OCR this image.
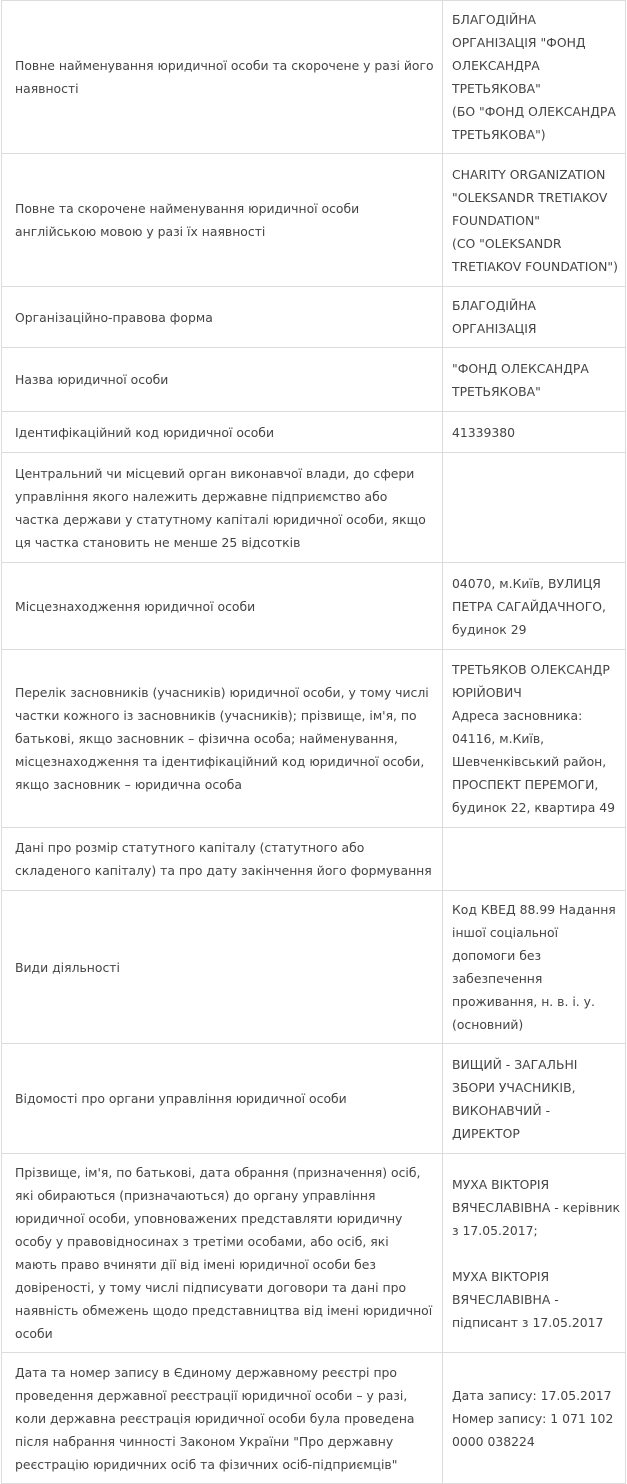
Повне найменування юридичної особи та скорочене у разі його наявності	БЛАГОДІЙНА ОРГАНІЗАЦІЯ "ФОНД ОЛЕКСАНДРА ТРЕТЬЯКОВА"
(БО "ФОНД ОЛЕКСАНДРА ТРЕТЬЯКОВА")

Повне та скорочене найменування юридичної особи англійською мовою у разі їх наявності	CHARITY ORGANIZATION "OLEKSANDR TRETIAKOV FOUNDATION"
(CO "OLEKSANDR TRETIAKOV FOUNDATION")

Організаційно-правова форма	БЛАГОДІЙНА ОРГАНІЗАЦІЯ

Назва юридичної особи	"ФОНД ОЛЕКСАНДРА ТРЕТЬЯКОВА"

Ідентифікаційний код юридичної особи	41339380

Центральний чи місцевий орган виконавчої влади, до сфери управління якого належить державне підприємство або частка держави у статутному капіталі юридичної особи, якщо ця частка становить не менше 25 відсотків	
Місцезнаходження юридичної особи	04070, м.Київ, ВУЛИЦЯ ПЕТРА САГАЙДАЧНОГО, будинок 29

Перелік засновників (учасників) юридичної особи, у тому числі частки кожного із засновників (учасників); прізвище, ім'я, по батькові, якщо засновник – фізична особа; найменування, місцезнаходження та ідентифікаційний код юридичної особи, якщо засновник – юридична особа	ТРЕТЬЯКОВ ОЛЕКСАНДР ЮРІЙОВИЧ
Адреса засновника: 04116, м.Київ, Шевченківський район, ПРОСПЕКТ ПЕРЕМОГИ, будинок 22, квартира 49

Дані про розмір статутного капіталу (статутного або складеного капіталу) та про дату закінчення його формування	
Види діяльності	Код КВЕД 88.99 Надання іншої соціальної допомоги без забезпечення проживання, н. в. і. у. (основний)

Відомості про органи управління юридичної особи	ВИЩИЙ - ЗАГАЛЬНІ ЗБОРИ УЧАСНИКІВ, ВИКОНАВЧИЙ - ДИРЕКТОР

Прізвище, ім'я, по батькові, дата обрання (призначення) осіб, які обираються (призначаються) до органу управління юридичної особи, уповноважених представляти юридичну особу у правовідносинах з третіми особами, або осіб, які мають право вчиняти дії від імені юридичної особи без довіреності, у тому числі підписувати договори та дані про наявність обмежень щодо представництва від імені юридичної особи	МУХА ВІКТОРІЯ ВЯЧЕСЛАВІВНА - керівник з 17.05.2017;
МУХА ВІКТОРІЯ ВЯЧЕСЛАВІВНА - підписант з 17.05.2017

Дата та номер запису в Єдиному державному реєстрі про проведення державної реєстрації юридичної особи – у разі, коли державна реєстрація юридичної особи була проведена після набрання чинності Законом України "Про державну реєстрацію юридичних осіб та фізичних осіб-підприємців"	Дата запису: 17.05.2017
Номер запису: 1 071 102 0000 038224
